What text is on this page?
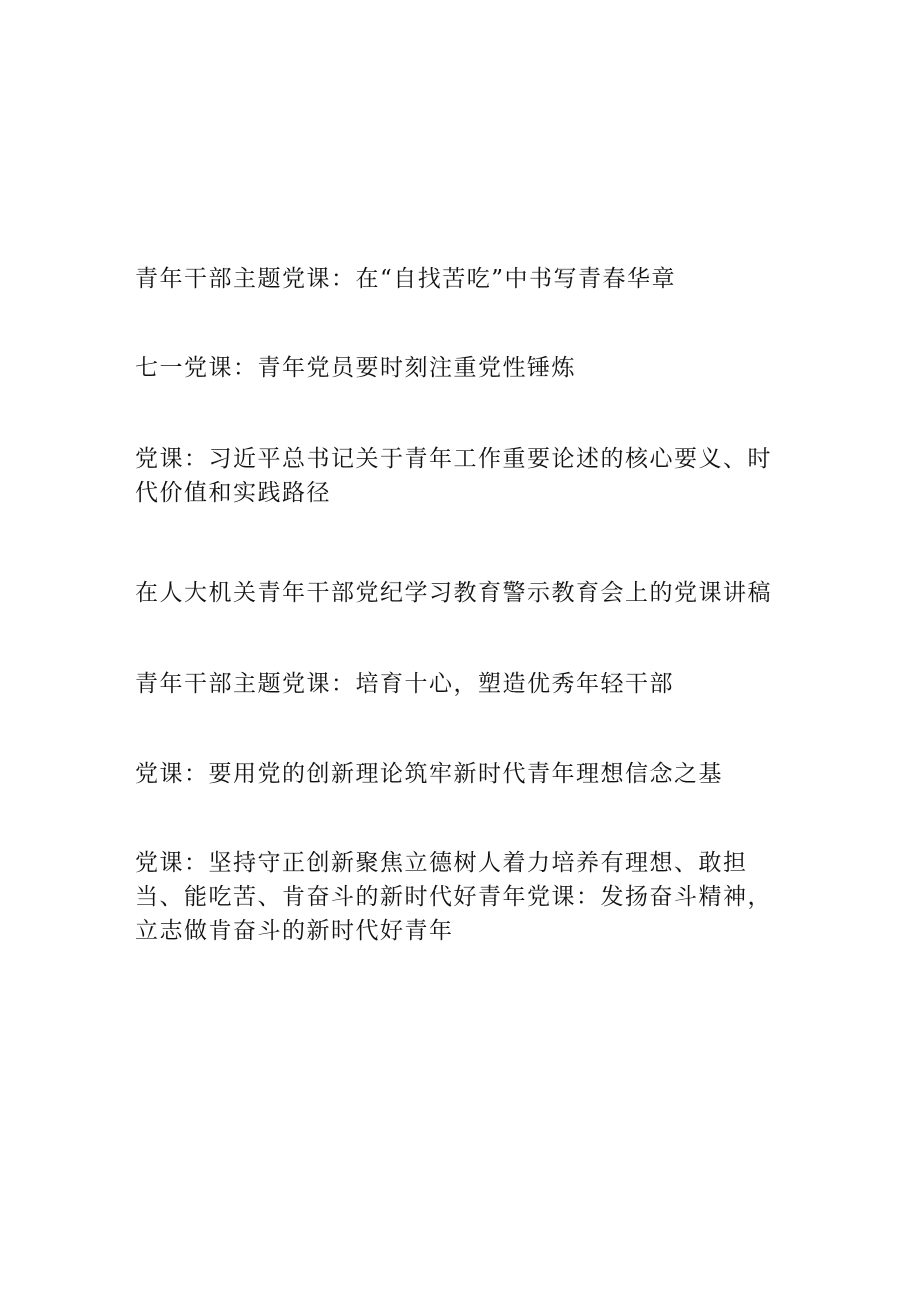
青年干部主题党课：在“自找苦吃”中书写青春华章
七一党课：青年党员要时刻注重党性锤炼
党课：习近平总书记关于青年工作重要论述的核心要义、时代价值和实践路径
在人大机关青年干部党纪学习教育警示教育会上的党课讲稿
青年干部主题党课：培育十心，塑造优秀年轻干部
党课：要用党的创新理论筑牢新时代青年理想信念之基
党课：坚持守正创新聚焦立德树人着力培养有理想、敢担当、能吃苦、肯奋斗的新时代好青年党课：发扬奋斗精神，立志做肯奋斗的新时代好青年
